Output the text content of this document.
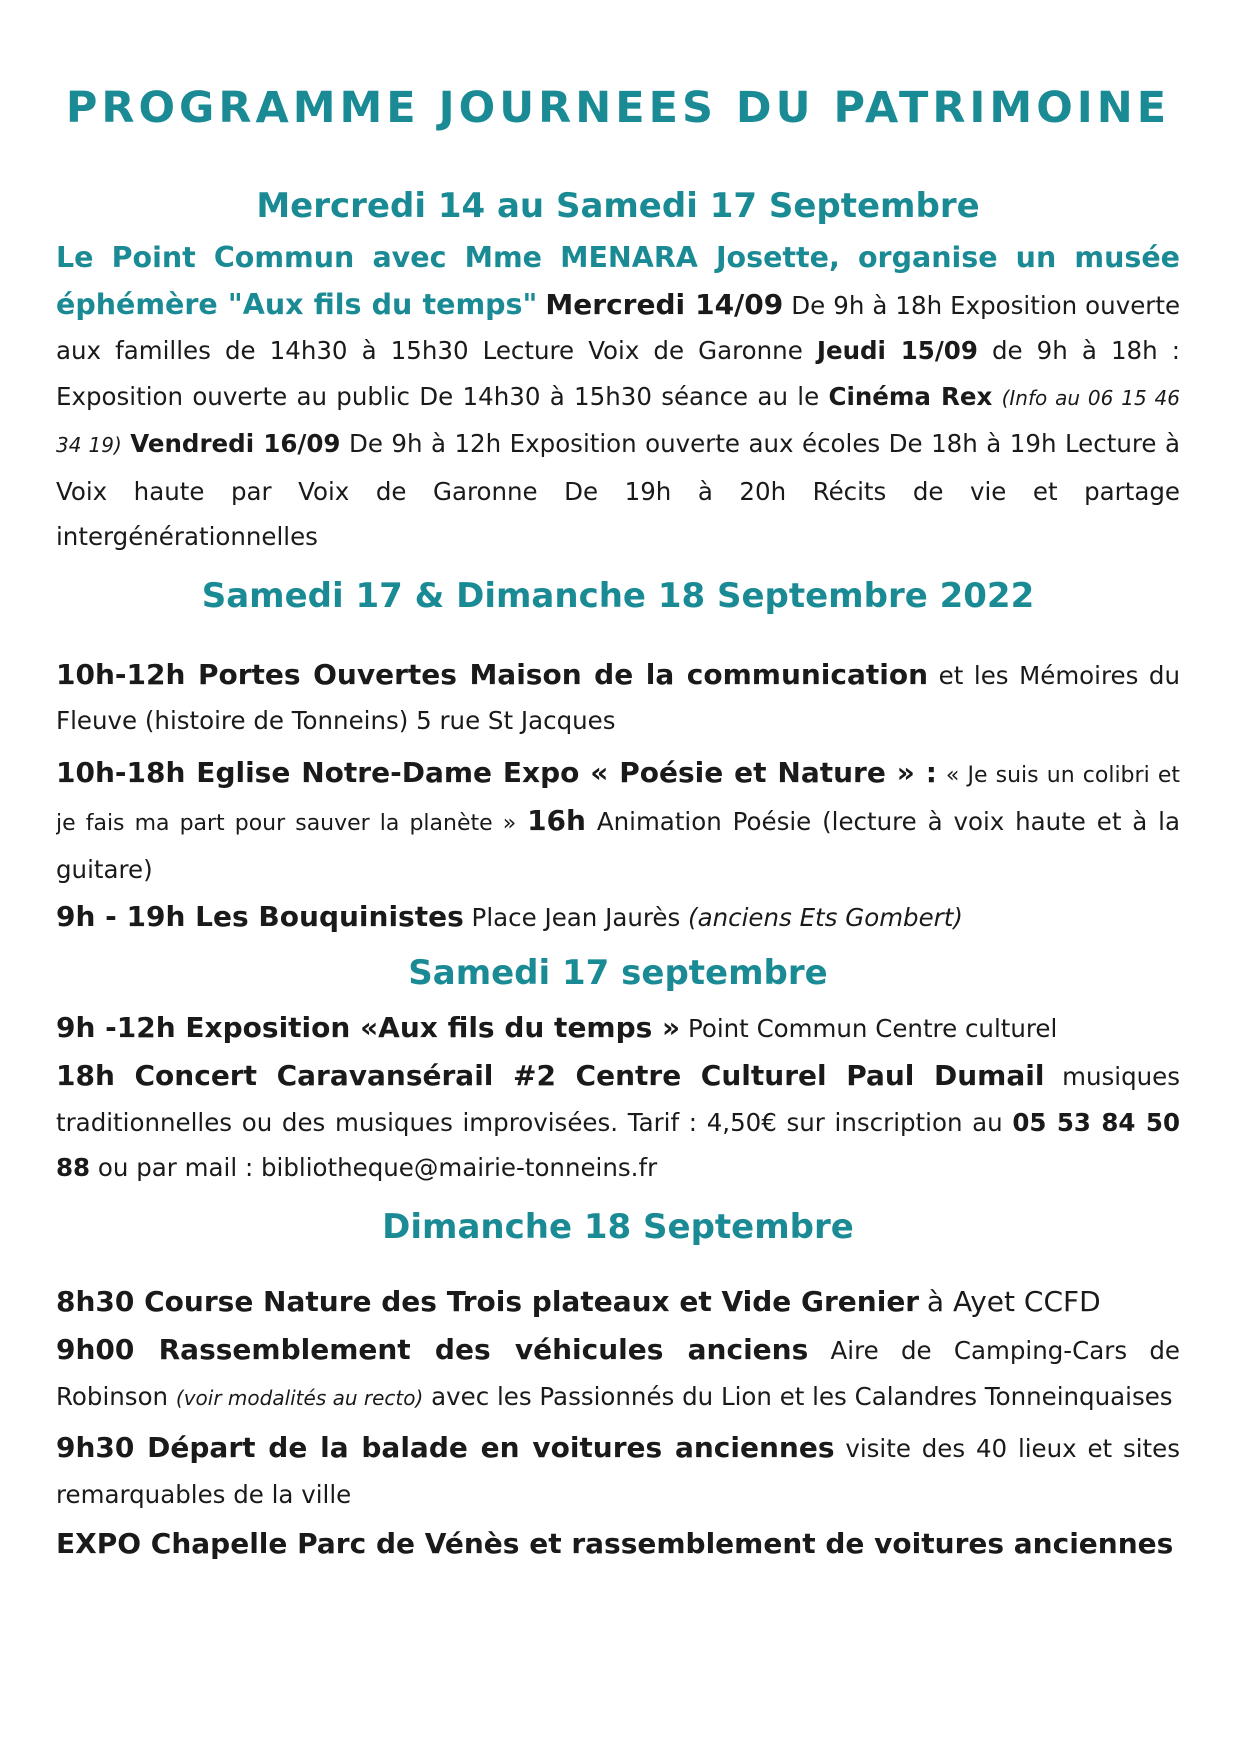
PROGRAMME JOURNEES DU PATRIMOINE
Mercredi 14 au Samedi 17 Septembre

Le Point Commun avec Mme MENARA Josette, organise un musée éphémère "Aux fils du temps" Mercredi 14/09 De 9h à 18h Exposition ouverte aux familles de 14h30 à 15h30 Lecture Voix de Garonne Jeudi 15/09 de 9h à 18h : Exposition ouverte au public De 14h30 à 15h30 séance au le Cinéma Rex (Info au 06 15 46 34 19) Vendredi 16/09 De 9h à 12h Exposition ouverte aux écoles De 18h à 19h Lecture à Voix haute par Voix de Garonne De 19h à 20h Récits de vie et partage intergénérationnelles

Samedi 17 & Dimanche 18 Septembre 2022

10h-12h Portes Ouvertes Maison de la communication et les Mémoires du Fleuve (histoire de Tonneins) 5 rue St Jacques

10h-18h Eglise Notre-Dame Expo « Poésie et Nature » : « Je suis un colibri et je fais ma part pour sauver la planète » 16h Animation Poésie (lecture à voix haute et à la guitare)

9h - 19h Les Bouquinistes Place Jean Jaurès (anciens Ets Gombert)

Samedi 17 septembre

9h -12h Exposition «Aux fils du temps » Point Commun Centre culturel

18h Concert Caravansérail #2 Centre Culturel Paul Dumail musiques traditionnelles ou des musiques improvisées. Tarif : 4,50€ sur inscription au 05 53 84 50 88 ou par mail : bibliotheque@mairie-tonneins.fr

Dimanche 18 Septembre

8h30 Course Nature des Trois plateaux et Vide Grenier à Ayet CCFD

9h00 Rassemblement des véhicules anciens Aire de Camping-Cars de Robinson (voir modalités au recto) avec les Passionnés du Lion et les Calandres Tonneinquaises

9h30 Départ de la balade en voitures anciennes visite des 40 lieux et sites remarquables de la ville

EXPO Chapelle Parc de Vénès et rassemblement de voitures anciennes
